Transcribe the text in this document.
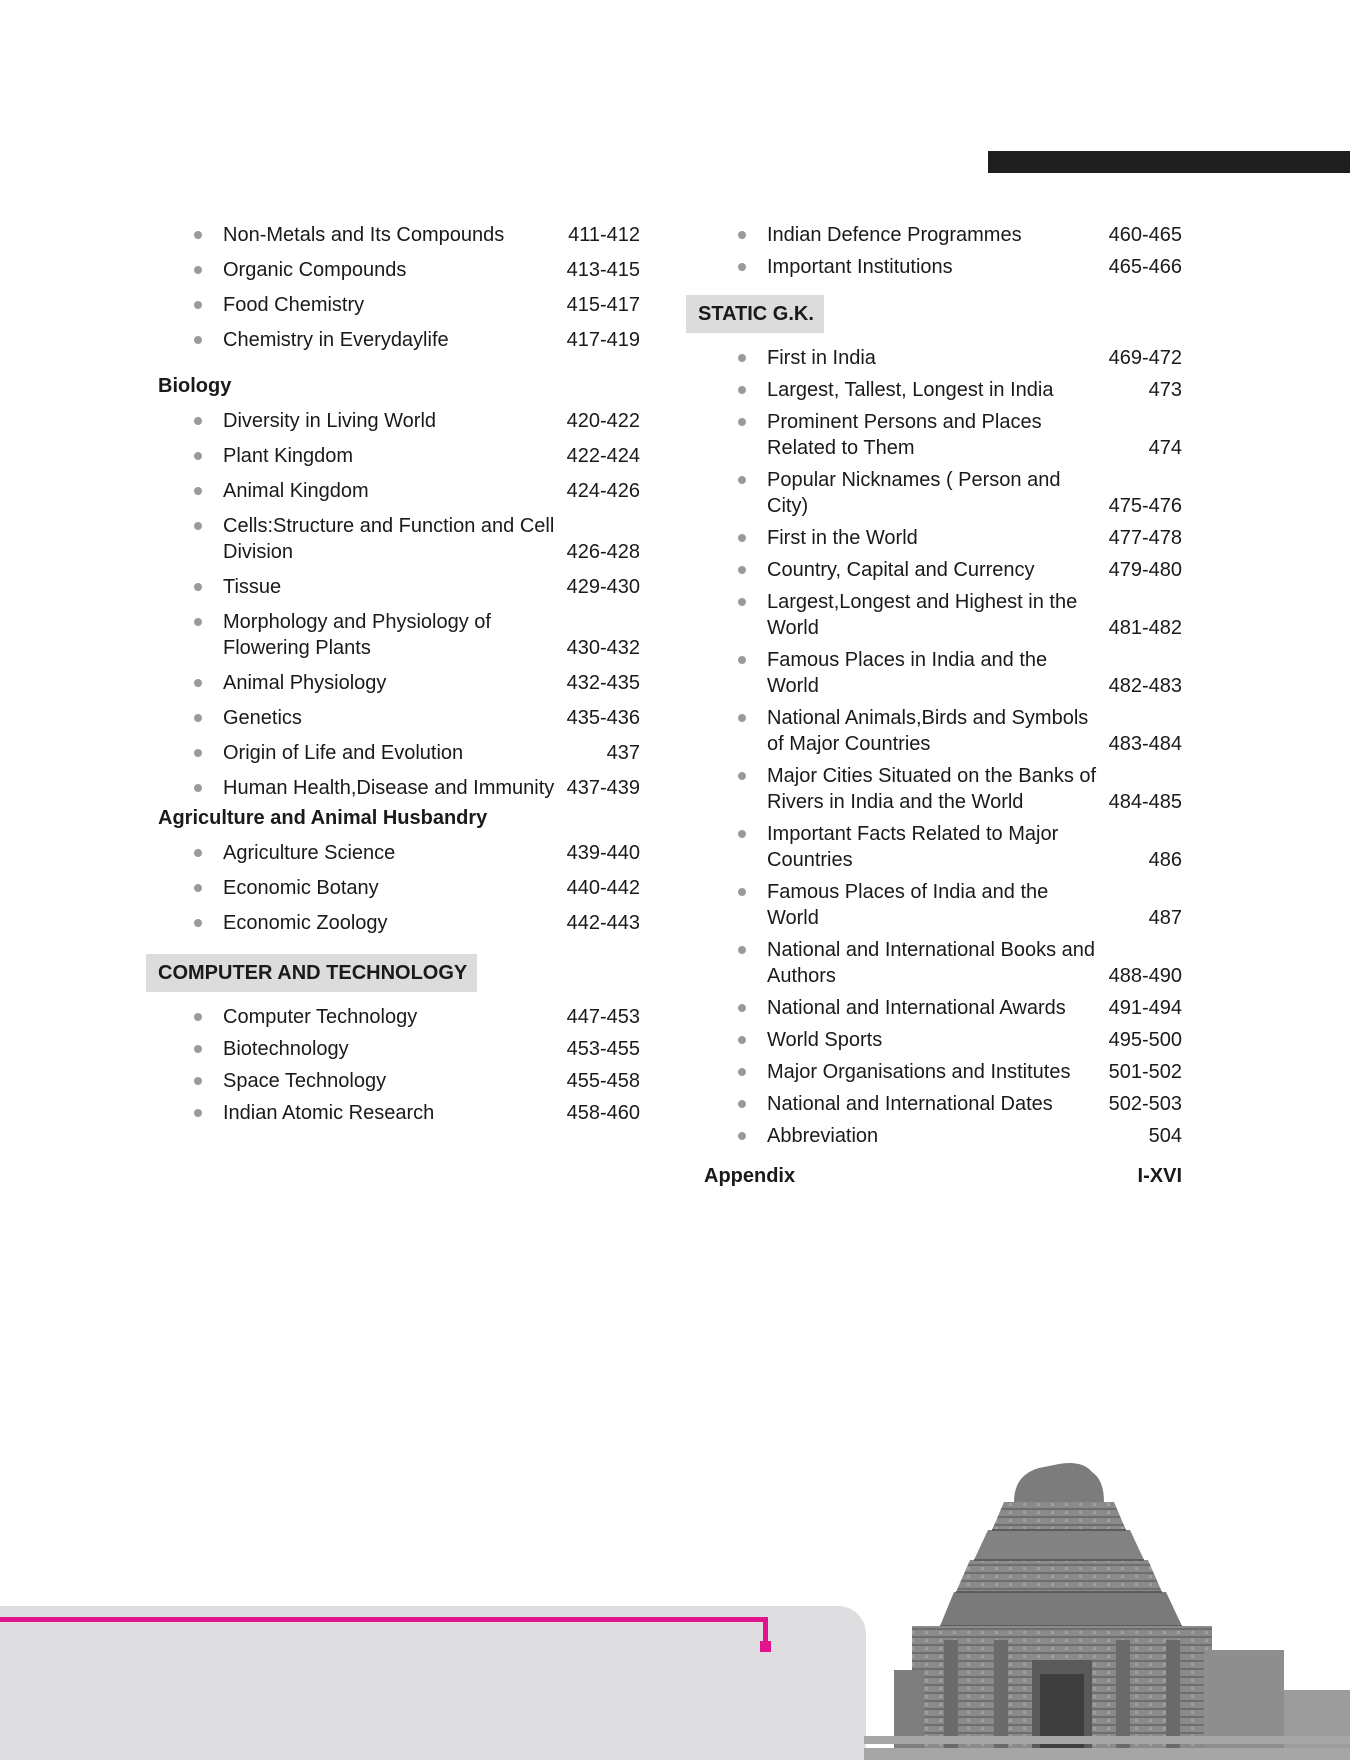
Non-Metals and Its Compounds	411-412
Organic Compounds	413-415
Food Chemistry	415-417
Chemistry in Everydaylife	417-419
Biology
Diversity in Living World	420-422
Plant Kingdom	422-424
Animal Kingdom	424-426
Cells:Structure and Function and Cell Division	426-428
Tissue	429-430
Morphology and Physiology of Flowering Plants	430-432
Animal Physiology	432-435
Genetics	435-436
Origin of Life and Evolution	437
Human Health,Disease and Immunity 437-439
Agriculture and Animal Husbandry
Agriculture Science	439-440
Economic Botany	440-442
Economic Zoology	442-443
COMPUTER AND TECHNOLOGY
Computer Technology	447-453
Biotechnology	453-455
Space Technology	455-458
Indian Atomic Research	458-460
Indian Defence Programmes	460-465
Important Institutions	465-466
STATIC G.K.
First in India	469-472
Largest, Tallest, Longest in India	473
Prominent Persons and Places Related to Them	474
Popular Nicknames ( Person and City)	475-476
First in the World	477-478
Country, Capital and Currency	479-480
Largest,Longest and Highest in the World	481-482
Famous Places in India and the World	482-483
National Animals,Birds and Symbols of Major Countries	483-484
Major Cities Situated on the Banks of Rivers in India and the World	484-485
Important Facts Related to Major Countries	486
Famous Places of India and the World	487
National and International Books and Authors	488-490
National and International Awards	491-494
World Sports	495-500
Major Organisations and Institutes	501-502
National and International Dates	502-503
Abbreviation	504
Appendix	I-XVI
